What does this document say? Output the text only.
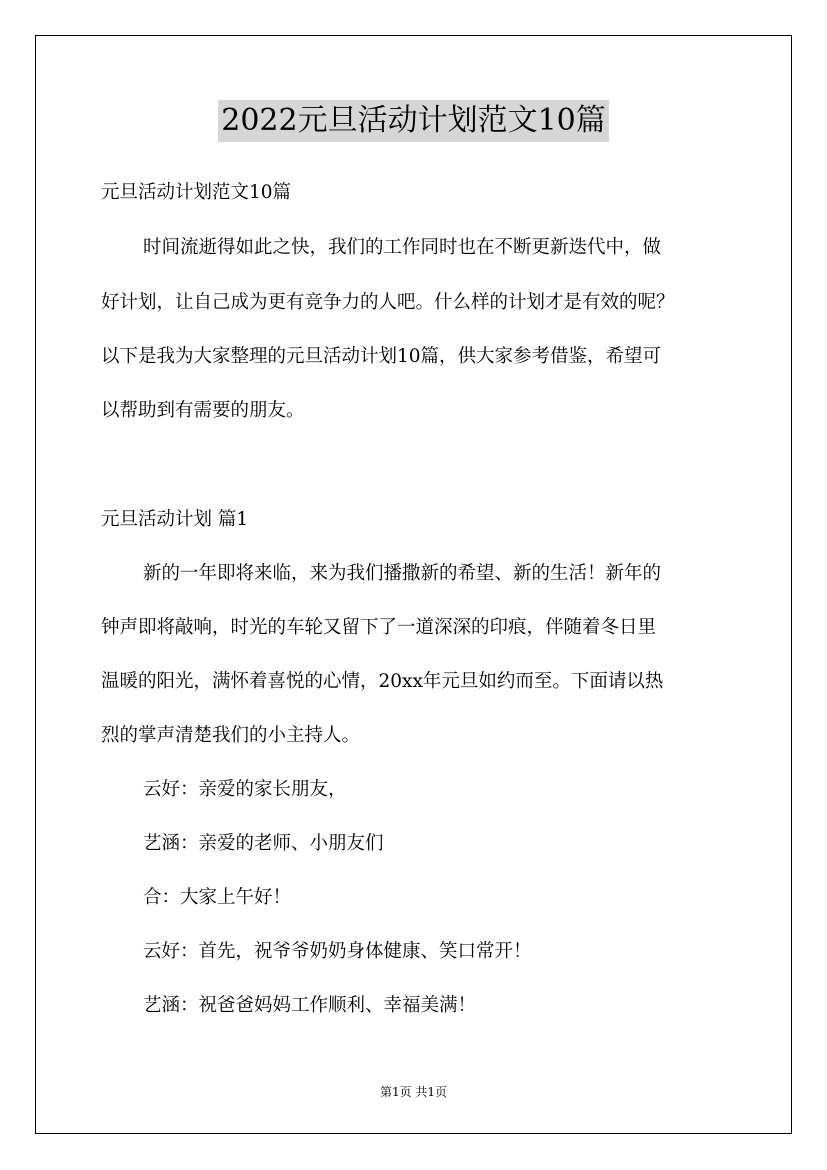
2022元旦活动计划范文10篇
元旦活动计划范文10篇
时间流逝得如此之快，我们的工作同时也在不断更新迭代中，做
好计划，让自己成为更有竞争力的人吧。什么样的计划才是有效的呢？
以下是我为大家整理的元旦活动计划10篇，供大家参考借鉴，希望可
以帮助到有需要的朋友。
元旦活动计划 篇1
新的一年即将来临，来为我们播撒新的希望、新的生活！新年的
钟声即将敲响，时光的车轮又留下了一道深深的印痕，伴随着冬日里
温暖的阳光，满怀着喜悦的心情，20xx年元旦如约而至。下面请以热
烈的掌声清楚我们的小主持人。
云好：亲爱的家长朋友，
艺涵：亲爱的老师、小朋友们
合：大家上午好！
云好：首先，祝爷爷奶奶身体健康、笑口常开！
艺涵：祝爸爸妈妈工作顺利、幸福美满！
第1页 共1页
